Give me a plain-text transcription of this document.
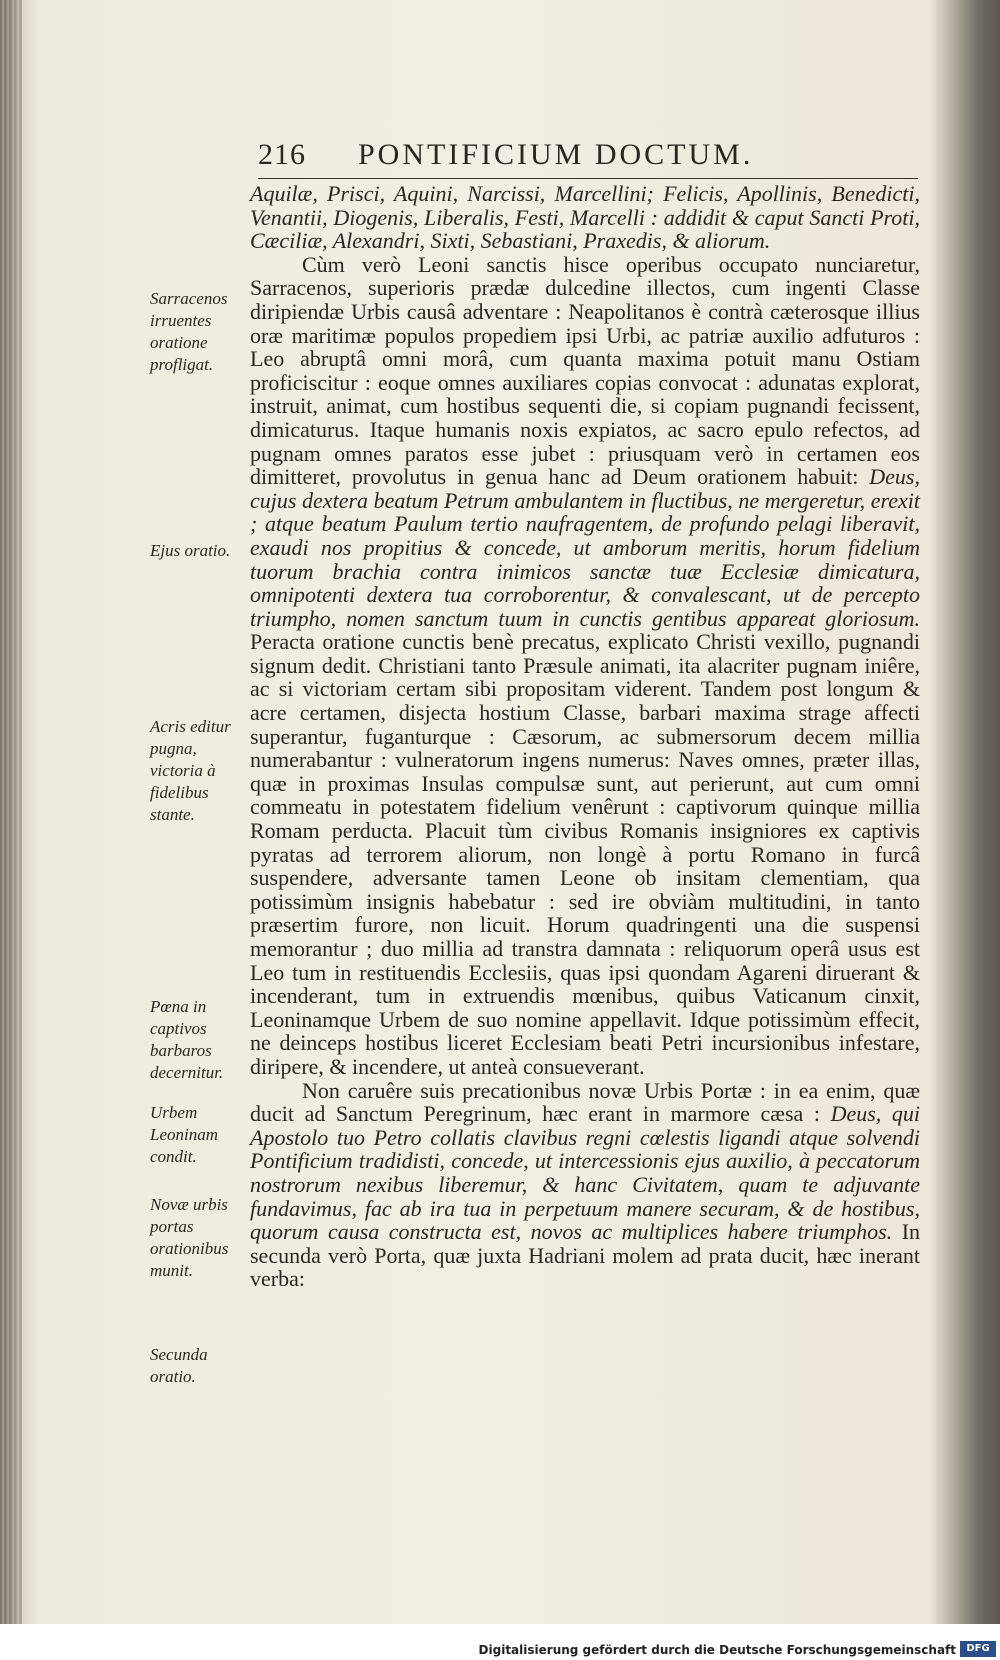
216 PONTIFICIUM DOCTUM.
Sarracenos irruentes oratione profligat.
Ejus oratio.
Acris editur pugna, victoria à fidelibus stante.
Pœna in captivos barbaros decernitur.
Urbem Leoninam condit.
Novæ urbis portas orationibus munit.
Secunda oratio.

Aquilæ, Prisci, Aquini, Narcissi, Marcellini; Felicis, Apollinis, Benedicti, Venantii, Diogenis, Liberalis, Festi, Marcelli : addidit & caput Sancti Proti, Cæciliæ, Alexandri, Sixti, Sebastiani, Praxedis, & aliorum.

Cùm verò Leoni sanctis hisce operibus occupato nunciaretur, Sarracenos, superioris prædæ dulcedine illectos, cum ingenti Classe diripiendæ Urbis causâ adventare : Neapolitanos è contrà cæterosque illius oræ maritimæ populos propediem ipsi Urbi, ac patriæ auxilio adfuturos : Leo abruptâ omni morâ, cum quanta maxima potuit manu Ostiam proficiscitur : eoque omnes auxiliares copias convocat : adunatas explorat, instruit, animat, cum hostibus sequenti die, si copiam pugnandi fecissent, dimicaturus. Itaque humanis noxis expiatos, ac sacro epulo refectos, ad pugnam omnes paratos esse jubet : priusquam verò in certamen eos dimitteret, provolutus in genua hanc ad Deum orationem habuit: Deus, cujus dextera beatum Petrum ambulantem in fluctibus, ne mergeretur, erexit ; atque beatum Paulum tertio naufragentem, de profundo pelagi liberavit, exaudi nos propitius & concede, ut amborum meritis, horum fidelium tuorum brachia contra inimicos sanctæ tuæ Ecclesiæ dimicatura, omnipotenti dextera tua corroborentur, & convalescant, ut de percepto triumpho, nomen sanctum tuum in cunctis gentibus appareat gloriosum. Peracta oratione cunctis benè precatus, explicato Christi vexillo, pugnandi signum dedit. Christiani tanto Præsule animati, ita alacriter pugnam iniêre, ac si victoriam certam sibi propositam viderent. Tandem post longum & acre certamen, disjecta hostium Classe, barbari maxima strage affecti superantur, fuganturque : Cæsorum, ac submersorum decem millia numerabantur : vulneratorum ingens numerus: Naves omnes, præter illas, quæ in proximas Insulas compulsæ sunt, aut perierunt, aut cum omni commeatu in potestatem fidelium venêrunt : captivorum quinque millia Romam perducta. Placuit tùm civibus Romanis insigniores ex captivis pyratas ad terrorem aliorum, non longè à portu Romano in furcâ suspendere, adversante tamen Leone ob insitam clementiam, qua potissimùm insignis habebatur : sed ire obviàm multitudini, in tanto præsertim furore, non licuit. Horum quadringenti una die suspensi memorantur ; duo millia ad transtra damnata : reliquorum operâ usus est Leo tum in restituendis Ecclesiis, quas ipsi quondam Agareni diruerant & incenderant, tum in extruendis mœnibus, quibus Vaticanum cinxit, Leoninamque Urbem de suo nomine appellavit. Idque potissimùm effecit, ne deinceps hostibus liceret Ecclesiam beati Petri incursionibus infestare, diripere, & incendere, ut anteà consueverant.

Non caruêre suis precationibus novæ Urbis Portæ : in ea enim, quæ ducit ad Sanctum Peregrinum, hæc erant in marmore cæsa : Deus, qui Apostolo tuo Petro collatis clavibus regni cœlestis ligandi atque solvendi Pontificium tradidisti, concede, ut intercessionis ejus auxilio, à peccatorum nostrorum nexibus liberemur, & hanc Civitatem, quam te adjuvante fundavimus, fac ab ira tua in perpetuum manere securam, & de hostibus, quorum causa constructa est, novos ac multiplices habere triumphos. In secunda verò Porta, quæ juxta Hadriani molem ad prata ducit, hæc inerant verba:

Digitalisierung gefördert durch die Deutsche Forschungsgemeinschaft	DFG
